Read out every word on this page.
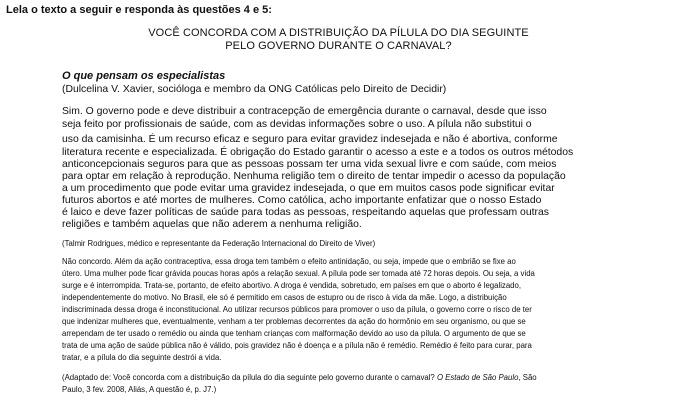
Lela o texto a seguir e responda às questões 4 e 5:
VOCÊ CONCORDA COM A DISTRIBUIÇÃO DA PÍLULA DO DIA SEGUINTE
PELO GOVERNO DURANTE O CARNAVAL?
O que pensam os especialistas
(Dulcelina V. Xavier, socióloga e membro da ONG Católicas pelo Direito de Decidir)
Sim. O governo pode e deve distribuir a contracepção de emergência durante o carnaval, desde que isso
seja feito por profissionais de saúde, com as devidas informações sobre o uso. A pílula não substitui o
uso da camisinha. É um recurso eficaz e seguro para evitar gravidez indesejada e não é abortiva, conforme
literatura recente e especializada. É obrigação do Estado garantir o acesso a este e a todos os outros métodos
anticoncepcionais seguros para que as pessoas possam ter uma vida sexual livre e com saúde, com meios
para optar em relação à reprodução. Nenhuma religião tem o direito de tentar impedir o acesso da população
a um procedimento que pode evitar uma gravidez indesejada, o que em muitos casos pode significar evitar
futuros abortos e até mortes de mulheres. Como católica, acho importante enfatizar que o nosso Estado
é laico e deve fazer políticas de saúde para todas as pessoas, respeitando aquelas que professam outras
religiões e também aquelas que não aderem a nenhuma religião.
(Talmir Rodrigues, médico e representante da Federação Internacional do Direito de Viver)
Não concordo. Além da ação contraceptiva, essa droga tem também o efeito antinidação, ou seja, impede que o embrião se fixe ao
útero. Uma mulher pode ficar grávida poucas horas após a relação sexual. A pílula pode ser tomada até 72 horas depois. Ou seja, a vida
surge e é interrompida. Trata-se, portanto, de efeito abortivo. A droga é vendida, sobretudo, em países em que o aborto é legalizado,
independentemente do motivo. No Brasil, ele só é permitido em casos de estupro ou de risco à vida da mãe. Logo, a distribuição
indiscriminada dessa droga é inconstitucional. Ao utilizar recursos públicos para promover o uso da pílula, o governo corre o risco de ter
que indenizar mulheres que, eventualmente, venham a ter problemas decorrentes da ação do hormônio em seu organismo, ou que se
arrependam de ter usado o remédio ou ainda que tenham crianças com malformação devido ao uso da pílula. O argumento de que se
trata de uma ação de saúde pública não é válido, pois gravidez não é doença e a pílula não é remédio. Remédio é feito para curar, para
tratar, e a pílula do dia seguinte destrói a vida.
(Adaptado de: Você concorda com a distribuição da pílula do dia seguinte pelo governo durante o carnaval? O Estado de São Paulo, São
Paulo, 3 fev. 2008, Aliás, A questão é, p. J7.)
